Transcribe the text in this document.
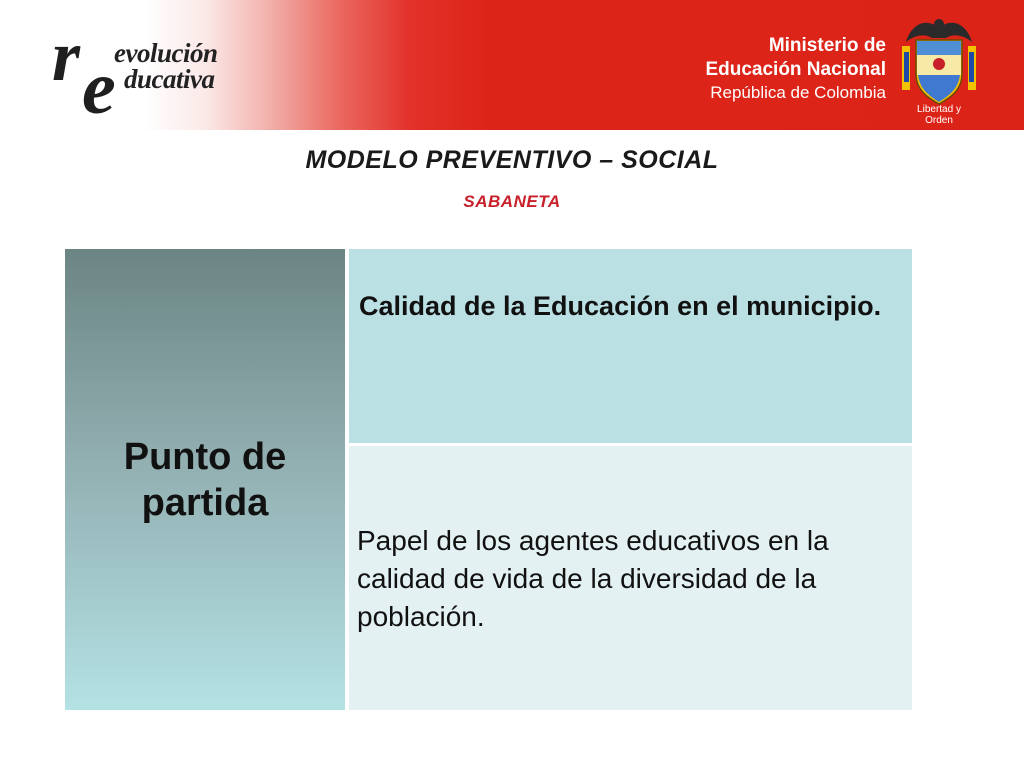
r evolución
e ducativa
Ministerio de
Educación Nacional
República de Colombia
Libertad y Orden
MODELO PREVENTIVO – SOCIAL
SABANETA
Punto de partida
Calidad de la Educación en el municipio.
Papel de los agentes educativos en la calidad de vida de la diversidad de la población.
